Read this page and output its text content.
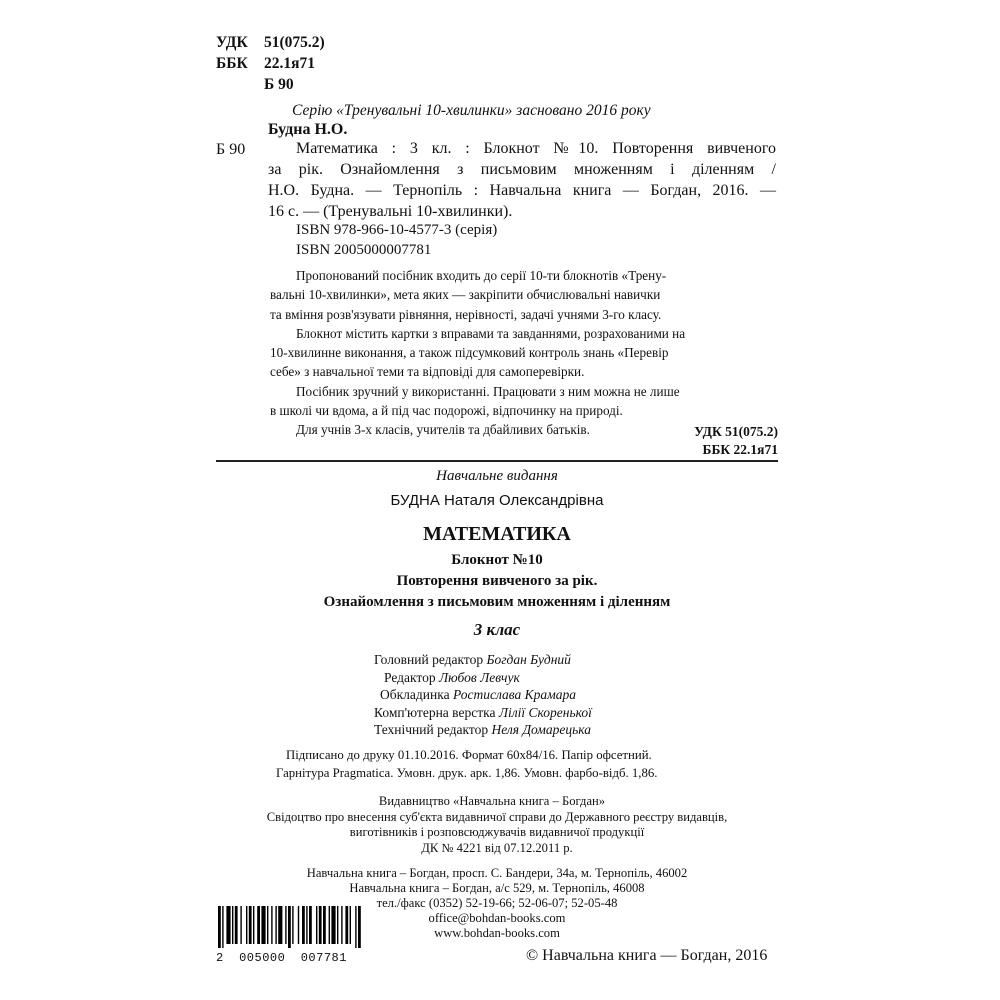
УДК 51(075.2)
ББК 22.1я71
Б 90
Серію «Тренувальні 10-хвилинки» засновано 2016 року
Будна Н.О.
Б 90	Математика : 3 кл. : Блокнот №10. Повторення вивченого
за рік. Ознайомлення з письмовим множенням і діленням /
Н.О. Будна. — Тернопіль : Навчальна книга — Богдан, 2016. —
16 с. — (Тренувальні 10-хвилинки).
ISBN 978-966-10-4577-3 (серія)
ISBN 2005000007781
Пропонований посібник входить до серії 10-ти блокнотів «Трену-
вальні 10-хвилинки», мета яких — закріпити обчислювальні навички
та вміння розв'язувати рівняння, нерівності, задачі учнями 3-го класу.
Блокнот містить картки з вправами та завданнями, розрахованими на
10-хвилинне виконання, а також підсумковий контроль знань «Перевір
себе» з навчальної теми та відповіді для самоперевірки.
Посібник зручний у використанні. Працювати з ним можна не лише
в школі чи вдома, а й під час подорожі, відпочинку на природі.
Для учнів 3-х класів, учителів та дбайливих батьків.	УДК 51(075.2)
ББК 22.1я71
Навчальне видання
БУДНА Наталя Олександрівна
МАТЕМАТИКА
Блокнот №10
Повторення вивченого за рік.
Ознайомлення з письмовим множенням і діленням
3 клас
Головний редактор Богдан Будний
Редактор Любов Левчук
Обкладинка Ростислава Крамара
Комп'ютерна верстка Лілії Скоренької
Технічний редактор Неля Домарецька
Підписано до друку 01.10.2016. Формат 60х84/16. Папір офсетний.
Гарнітура Pragmatica. Умовн. друк. арк. 1,86. Умовн. фарбо-відб. 1,86.
Видавництво «Навчальна книга – Богдан»
Свідоцтво про внесення суб'єкта видавничої справи до Державного реєстру видавців,
виготівників і розповсюджувачів видавничої продукції
ДК № 4221 від 07.12.2011 р.
Навчальна книга – Богдан, просп. С. Бандери, 34а, м. Тернопіль, 46002
Навчальна книга – Богдан, а/с 529, м. Тернопіль, 46008
тел./факс (0352) 52-19-66; 52-06-07; 52-05-48
office@bohdan-books.com
www.bohdan-books.com
2  005000  007781	© Навчальна книга — Богдан, 2016
